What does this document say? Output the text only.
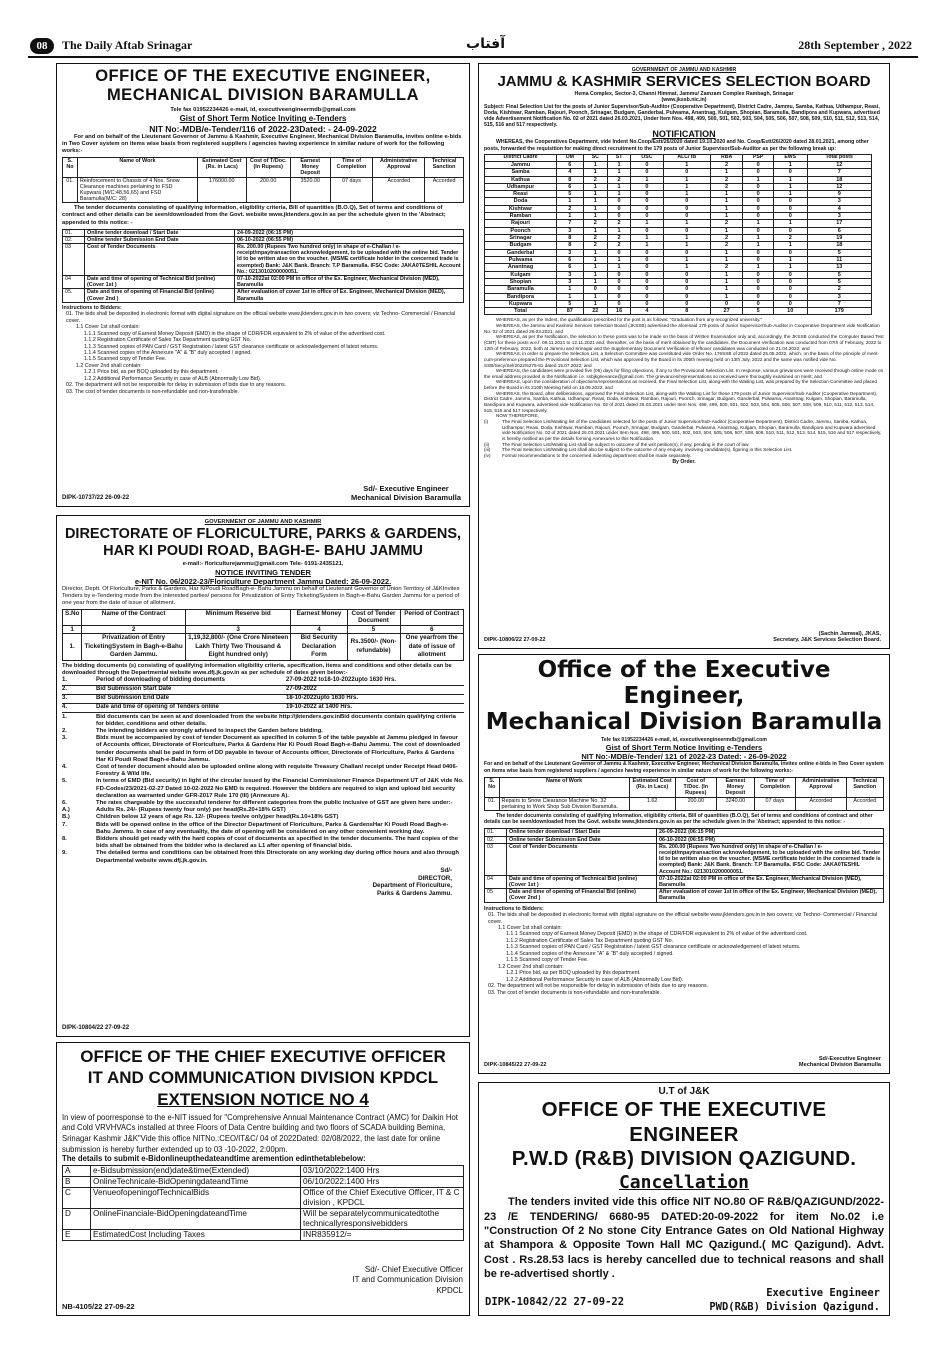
08	The Daily Aftab Srinagar	آفتاب	28th September , 2022
OFFICE OF THE EXECUTIVE ENGINEER,
MECHANICAL DIVISION BARAMULLA
Tele fax 01952234426 e-mail, id, executiveengineermdb@gmail.com
Gist of Short Term Notice Inviting e-Tenders
NIT No:-MDB/e-Tender/116 of 2022-23Dated: - 24-09-2022

For and on behalf of the Lieutenant Governor of Jammu & Kashmir, Executive Engineer, Mechanical Division Baramulla, invites online e-bids in Two Cover system on items wise basis from registered suppliers / agencies having experience in similar nature of work for the following works:-

S. No	Name of Work	Estimated Cost (Rs. in Lacs)	Cost of T/Doc. (In Rupees)	Earnest Money Deposit	Time of Completion	Administrative Approval	Technical Sanction
01.	Reinforcement to Chassis of 4 Nos. Snow Clearance machines pertaining to FSD Kupwara (M/C:48,56,65) and FSD Baramulla(M/C: 28)	176000.00	200.00	3520.00	07 days	Accorded	Accorded

The tender documents consisting of qualifying information, eligibility criteria, Bill of quantities (B.O.Q), Set of terms and conditions of contract and other details can be seen/downloaded from the Govt. website www.jktenders.gov.in as per the schedule given in the 'Abstract; appended to this notice: -

01.	Online tender download / Start Date	24-09-2022 (06:15 PM)
02.	Online tender Submission End Date	06-10-2022 (06:55 PM)
03	Cost of Tender Documents	Rs. 200.00 (Rupees Two hundred only) in shape of e-Challan / e-receipt/mpaytransaction acknowledgement, to be uploaded with the online bid. Tender Id to be written also on the voucher. (MSME certificate holder in the concerned trade is exempted) Bank: J&K Bank. Branch: T.P Baramulla. IFSC Code: JAKA0TESHIL Account No.: 0213010200000051.
04	Date and time of opening of Technical Bid (online) (Cover 1st )	07-10-2022at 02:00 PM in office of the Ex. Engineer, Mechanical Division (MED), Baramulla
05.	Date and time of opening of Financial Bid (online) (Cover 2nd )	After evaluation of cover 1st in office of Ex. Engineer, Mechanical Division (MED), Baramulla

Instructions to Bidders:

01. The bids shall be deposited in electronic format with digital signature on the official website www.jktenders.gov.in in two covers; viz Techno- Commercial / Financial cover.

1.1 Cover 1st shall contain:

1.1.1 Scanned copy of Earnest Money Deposit (EMD) in the shape of CDR/FDR equivalent to 2% of value of the advertised cost.

1.1.2 Registration Certificate of Sales Tax Department quoting GST No.

1.1.3 Scanned copies of PAN Card / GST Registration / latest GST clearance certificate or acknowledgement of latest returns.

1.1.4 Scanned copies of the Annexure "A" & "B" duly accepted / signed.

1.1.5 Scanned copy of Tender Fee.

1.2 Cover 2nd shall contain:

1.2.1 Price bid, as per BOQ uploaded by this department.

1.2.2 Additional Performance Security in case of ALB (Abnormally Low Bid).

02. The department will not be responsible for delay in submission of bids due to any reasons.

03. The cost of tender documents is non-refundable and non-transferable.

DIPK-10737/22 26-09-22
Sd/- Executive Engineer
Mechanical Division Baramulla
GOVERNMENT OF JAMMU AND KASHMIR
DIRECTORATE OF FLORICULTURE, PARKS & GARDENS,
HAR KI POUDI ROAD, BAGH-E- BAHU JAMMU
e-mail:- floriculturejammu@gmail.com Tele- 0191-2435121,
NOTICE INVITING TENDER
e-NIT No. 06/2022-23/Floriculture Department Jammu Dated: 26-09-2022.

Director, Deptt. Of Floriculture, Parks & Gardens, Har KiPoudi RoadBagh-e- Bahu Jammu on behalf of Lieutenant Governor of Union Territory of J&KInvites Tenders by e-Tendering mode from the interested parties/ persons for Privatization of Entry TicketingSystem in Bagh-e-Bahu Garden Jammu for a period of one year from the date of issue of allotment.

S.No	Name of the Contract	Minimum Reserve bid	Earnest Money	Cost of Tender Document	Period of Contract
1	2	3	4	5	6
1.	Privatization of Entry TicketingSystem in Bagh-e-Bahu Garden Jammu.	1,19,32,800/- (One Crore Nineteen Lakh Thirty Two Thousand & Eight hundred only)	Bid Security Declaration Form	Rs.3500/- (Non-refundable)	One yearfrom the date of issue of allotment

The bidding documents (s) consisting of qualifying information eligibility criteria, specification, items and conditions and other details can be downloaded through the Departmental website www.dfj.jk.gov.in as per schedule of dates given below:-

1.	Period of downloading of bidding documents	27-09-2022 to18-10-2022upto 1630 Hrs.
2.	Bid Submission Start Date	27-09-2022
3.	Bid Submission End Date	18-10-2022upto 1630 Hrs.
4.	Date and time of opening of Tenders online	19-10-2022 at 1400 Hrs.
1.	Bid documents can be seen at and downloaded from the website http://jktenders.gov.inBid documents contain qualifying criteria for bidder, conditions and other details.
2.	The intending bidders are strongly advised to inspect the Garden before bidding.
3.	Bids must be accompanied by cost of tender Document as specified in column 5 of the table payable at Jammu pledged in favour of Accounts officer, Directorate of Floriculture, Parks & Gardens Har Ki Poudi Road Bagh-e-Bahu Jammu. The cost of downloaded tender documents shall be paid in form of DD payable in favour of Accounts officer, Directorate of Floriculture, Parks & Gardens Har Ki Poudi Road Bagh-e-Bahu Jammu.
4.	Cost of tender document should also be uploaded online along with requisite Treasury Challan/ receipt under Receipt Head 0406- Forestry & Wild life.
5.	In terms of EMD (Bid security) in light of the circular issued by the Financial Commissioner Finance Department UT of J&K vide No. FD-Codes/23/2021-02-27 Dated 10-02-2022 No EMD is required. However the bidders are required to sign and upload bid security declaration as warranted under GFR-2017 Rule 170 (III) (Annexure A).
6.	The rates chargeable by the successful tenderer for different categories from the public inclusive of GST are given here under:-
A.)	Adults Rs. 24/- (Rupees twenty four only) per head(Rs.20+18% GST)
B.)	Children below 12 years of age Rs. 12/- (Rupees twelve only)per head(Rs.10+18% GST)
7.	Bids will be opened online in the office of the Director Department of Floriculture, Parks & GardensHar Ki Poudi Road Bagh-e- Bahu Jammu. In case of any eventuality, the date of opening will be considered on any other convenient working day.
8.	Bidders should get ready with the hard copies of cost of documents as specified in the tender documents. The hard copies of the bids shall be obtained from the bidder who is declared as L1 after opening of financial bids.
9.	The detailed terms and conditions can be obtained from this Directorate on any working day during office hours and also through Departmental website www.dfj.jk.gov.in.
Sd/-
DIRECTOR,
Department of Floriculture,
Parks & Gardens Jammu.
DIPK-10804/22 27-09-22
OFFICE OF THE CHIEF EXECUTIVE OFFICER
IT AND COMMUNICATION DIVISION KPDCL
EXTENSION NOTICE NO 4

In view of poorresponse to the e-NIT issued for "Comprehensive Annual Maintenance Contract (AMC) for Daikin Hot and Cold VRVHVACs installed at three Floors of Data Centre building and two floors of SCADA building Bemina, Srinagar Kashmir J&K"Vide this office NITNo.:CEO/IT&C/ 04 of 2022Dated: 02/08/2022, the last date for online submission is hereby further extended up to 03 -10-2022, 2:00pm.

The details to submit e-Bidonlineupthedateandtime aremention edinthetablebelow:

A	e-Bidsubmission(end)date&time(Extended)	03/10/2022:1400 Hrs
B	OnlineTechnicale-BidOpeningdateandTime	06/10/2022:1400 Hrs
C	VenueofopeningofTechnicalBids	Office of the Chief Executive Officer, IT & C division , KPDCL
D	OnlineFinanciale-BidOpeningdateandTime	Will be separatelycommunicatedtothe technicallyresponsivebidders
E	EstimatedCost Including Taxes	INR835912/=
Sd/- Chief Executive Officer
IT and Communication Division
KPDCL
NB-4105/22 27-09-22
GOVERNMENT OF JAMMU AND KASHMIR
JAMMU & KASHMIR SERVICES SELECTION BOARD
Hema Complex, Sector-3, Channi Himmat, Jammu/ Zamzam Complex Rambagh, Srinagar
(www.jkssb.nic.in)

Subject: Final Selection List for the posts of Junior Supervisor/Sub-Auditor (Cooperative Department), District Cadre, Jammu, Samba, Kathua, Udhampur, Reasi, Doda, Kishtwar, Ramban, Rajouri, Poonch, Srinagar, Budgam, Ganderbal, Pulwama, Anantnag, Kulgam, Shopian, Baramulla, Bandipora and Kupwara, advertised vide Advertisement Notification No. 02 of 2021 dated 26.03.2021, Under Item Nos. 498, 499, 500, 501, 502, 503, 504, 505, 506, 507, 508, 509, 510, 511, 512, 513, 514, 515, 516 and 517 respectively.

NOTIFICATION

WHEREAS, the Cooperatives Department, vide Indent No.Coop/Estt/26/2020 dated 19.10.2020 and No. Coop/Estt/26/2020 dated 28.01.2021, among other posts, forwarded the requisition for making direct recruitment to the 179 posts of Junior Supervisor/Sub-Auditor as per the following break up:

District Cadre	OM	SC	ST	OSC	ALC/ IB	RBA	PSP	EWS	Total posts
Jammu	6	1	1	0	1	2	0	1	12
Samba	4	1	1	0	0	1	0	0	7
Kathua	8	2	2	1	1	2	1	1	18
Udhampur	6	1	1	0	1	2	0	1	12
Reasi	5	1	1	0	1	1	0	1	9
Doda	1	1	0	0	0	1	0	0	3
Kishtwar	2	1	0	0	0	1	0	0	4
Ramban	1	1	0	0	0	1	0	0	3
Rajouri	7	2	2	1	1	2	1	1	17
Poonch	3	1	1	0	0	1	0	0	6
Srinagar	8	2	2	1	1	2	1	2	19
Budgam	8	2	2	1	1	2	1	1	18
Ganderbal	3	1	0	0	0	1	0	0	5
Pulwama	6	1	1	0	1	1	0	1	11
Anantnag	6	1	1	0	1	2	1	1	13
Kulgam	3	1	0	0	0	1	0	0	5
Shopian	3	1	0	0	0	1	0	0	5
Baramulla	1	0	0	0	0	1	0	0	2
Bandipora	1	1	0	0	0	1	0	0	3
Kupwara	5	1	0	0	0	0	0	0	7
Total	87	22	16	4	8	27	5	10	179

WHEREAS, as per the Indent, the qualification prescribed for the post is as follows: "Graduation from any recognized university."

WHEREAS, the Jammu and Kashmir Services Selection Board (JKSSB) advertised the aforesaid 179 posts of Junior Supervisor/Sub-Auditor in Cooperative Department vide Notification No. 02 of 2021 dated 26.03.2021; and

WHEREAS, as per the Notification, the selection to these posts was to be made on the basis of Written Examination only and, accordingly, the JKSSB conducted the Computer Based Test (CBT) for these posts w.e.f. 09.11.2021 to 12.11.2021 and, thereafter, on the basis of merit obtained by the candidates, the Document Verification was conducted from 07th of February, 2022 to 12th of February, 2022, both at Jammu and Srinagar and the Supplementary Document Verification of leftover candidates was conducted on 21.04.2022; and

WHEREAS, in order to prepare the Selection List, a Selection Committee was constituted vide Order No. 176SSB of 2022 dated 25.05.2022, which, on the basis of the principle of merit-cum-preference prepared the Provisional Selection List, which was approved by the Board in its 205th meeting held on 13th July, 2022 and the same was notified vide No. SSB/Secy/Sel/2022/5275-81 dated 15.07.2022; and

WHEREAS, the candidates were provided five (05) days for filing objections, if any to the Provisional Selection List. In response, various grievances were received through online mode on the email address provided in the Notification i.e. ssbjkgrievance@gmail.com. The grievances/representations so received were thoroughly examined on merit; and

WHEREAS, upon the consideration of objections/representations as received, the Final Selection List, along-with the Waiting List, was prepared by the Selection Committee and placed before the Board in its 210th Meeting held on 16.09.2022; and

WHEREAS, the Board, after deliberations, approved the Final Selection List, along-with the Waiting List for these 179 posts of Junior Supervisor/Sub-Auditor (Cooperative Department), District Cadre, Jammu, Samba, Kathua, Udhampur, Reasi, Doda, Kishtwar, Ramban, Rajouri, Poonch, Srinagar, Budgam, Ganderbal, Pulwama, Anantnag, Kulgam, Shopian, Baramulla, Bandipora and Kupwara, advertised vide Notification No. 02 of 2021 dated 26.03.2021 under Item Nos. 498, 499, 500, 501, 502, 503, 504, 505, 506, 507, 508, 509, 510, 511, 512, 513, 514, 515, 516 and 517 respectively.

NOW THEREFORE,

(i)	The Final Selection List/Waiting list of the candidates selected for the posts of Junior Supervisor/Sub-Auditor (Cooperative Department), District Cadre, Jammu, Samba, Kathua, Udhampur, Reasi, Doda, Kishtwar, Ramban, Rajouri, Poonch, Srinagar, Budgam, Ganderbal, Pulwama, Anantnag, Kulgam, Shopian, Baramulla, Bandipora and Kupwara advertised vide Notification No. 02 of 2021 dated 26.03.2021 under Item Nos. 498, 499, 500, 501, 502, 503, 504, 505, 506, 507, 508, 509, 510, 511, 512, 513, 514, 515, 516 and 517 respectively, is hereby notified as per the details forming Annexures to this Notification.
(ii)	The Final Selection List/Waiting List shall be subject to outcome of the writ petition(s), if any, pending in the court of law.
(iii)	The Final Selection List/Waiting List shall also be subject to the outcome of any enquiry, involving candidate(s), figuring in this Selection List.
(iv)	Formal recommendations to the concerned indenting department shall be made separately.
By Order.
DIPK-10806/22 27-09-22
(Sachin Jamwal), JKAS,
Secretary, J&K Services Selection Board.
Office of the Executive Engineer,
Mechanical Division Baramulla
Tele fax 01952234426 e-mail, id, executiveengineermdb@gmail.com
Gist of Short Term Notice Inviting e-Tenders
NIT No:-MDB/e-Tender/ 121 of 2022-23 Dated: - 26-09-2022

For and on behalf of the Lieutenant Governor of Jammu & Kashmir, Executive Engineer, Mechanical Division Baramulla, invites online e-bids in Two Cover system on items wise basis from registered suppliers / agencies having experience in similar nature of work for the following works:-

S. No	Name of Work	Estimated Cost (Rs. in Lacs)	Cost of T/Doc. (In Rupees)	Earnest Money Deposit	Time of Completion	Administrative Approval	Technical Sanction
01.	Repairs to Snow Clearance Machine No. 32 pertaining to Work Shop Sub Division Baramulla.	1.62	200.00	3240.00	07 days	Accorded	Accorded

The tender documents consisting of qualifying information, eligibility criteria, Bill of quantities (B.O.Q), Set of terms and conditions of contract and other details can be seen/downloaded from the Govt. website www.jktenders.gov.in as per the schedule given in the 'Abstract; appended to this notice: -

01.	Online tender download / Start Date	26-09-2022 (06:15 PM)
02.	Online tender Submission End Date	06-10-2022 (06:55 PM)
03	Cost of Tender Documents	Rs. 200.00 (Rupees Two hundred only) in shape of e-Challan / e-receipt/mpaytransaction acknowledgement, to be uploaded with the online bid. Tender Id to be written also on the voucher. (MSME certificate holder in the concerned trade is exempted) Bank: J&K Bank. Branch: T.P Baramulla. IFSC Code: JAKA0TESHIL Account No.: 0213010200000051.
04	Date and time of opening of Technical Bid (online) (Cover 1st )	07-10-2022at 02:00 PM in office of the Ex. Engineer, Mechanical Division (MED), Baramulla
05	Date and time of opening of Financial Bid (online) (Cover 2nd )	After evaluation of cover 1st in office of the Ex. Engineer, Mechanical Division (MED), Baramulla

Instructions to Bidders:

01. The bids shall be deposited in electronic format with digital signature on the official website www.jktenders.gov.in in two covers; viz Techno- Commercial / Financial cover.

1.1 Cover 1st shall contain:

1.1.1 Scanned copy of Earnest Money Deposit (EMD) in the shape of CDR/FDR equivalent to 2% of value of the advertised cost.

1.1.2 Registration Certificate of Sales Tax Department quoting GST No.

1.1.3 Scanned copies of PAN Card / GST Registration / latest GST clearance certificate or acknowledgement of latest returns.

1.1.4 Scanned copies of the Annexure "A" & "B" duly accepted / signed.

1.1.5 Scanned copy of Tender Fee.

1.2 Cover 2nd shall contain:

1.2.1 Price bid, as per BOQ uploaded by this department.

1.2.2 Additional Performance Security in case of ALB (Abnormally Low Bid).

02. The department will not be responsible for delay in submission of bids due to any reasons.

03. The cost of tender documents is non-refundable and non-transferable.

DIPK-10845/22 27-09-22
Sd/-Executive Engineer
Mechanical Division Baramulla
U.T of J&K
OFFICE OF THE EXECUTIVE ENGINEER
P.W.D (R&B) DIVISION QAZIGUND.
Cancellation

The tenders invited vide this office NIT NO.80 OF R&B/QAZIGUND/2022-23 /E TENDERING/ 6680-95 DATED:20-09-2022 for item No.02 i.e "Construction Of 2 No stone City Entrance Gates on Old National Highway at Shampora & Opposite Town Hall MC Qazigund.( MC Qazigund). Advt. Cost . Rs.28.53 lacs is hereby cancelled due to technical reasons and shall be re-advertised shortly .

Executive Engineer
PWD(R&B) Division Qazigund.
DIPK-10842/22 27-09-22
